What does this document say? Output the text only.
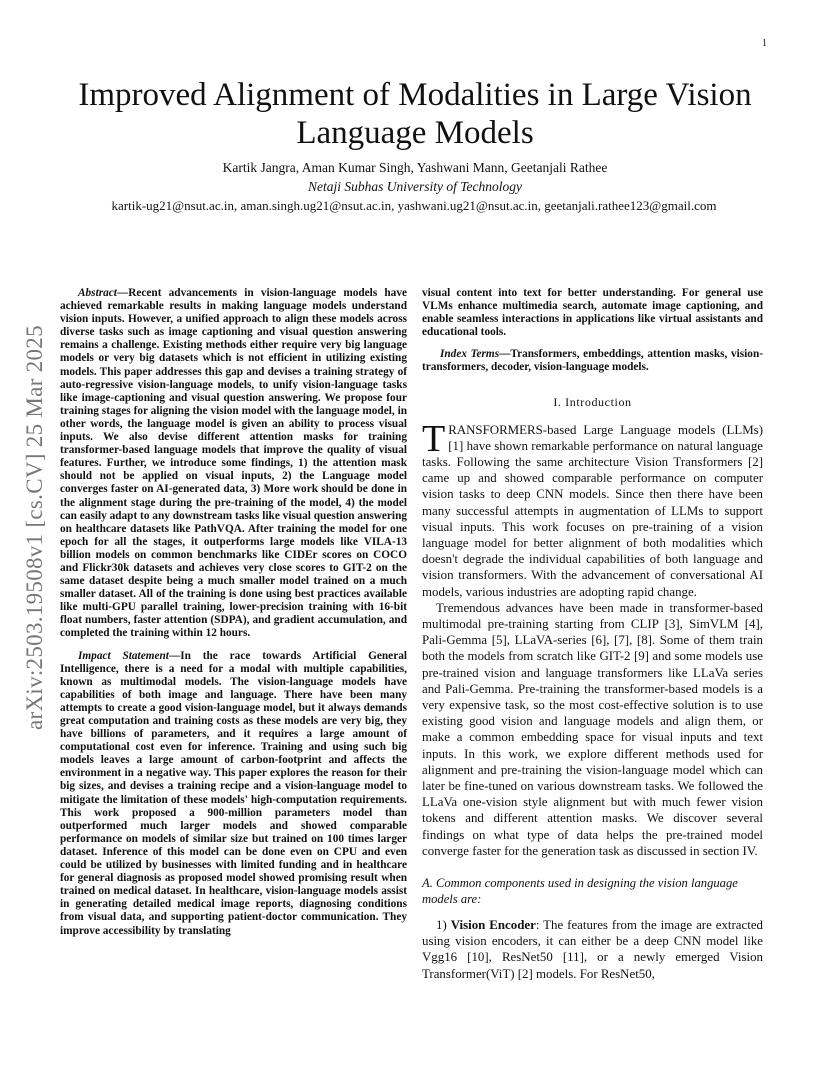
1
arXiv:2503.19508v1 [cs.CV] 25 Mar 2025
Improved Alignment of Modalities in Large Vision Language Models
Kartik Jangra, Aman Kumar Singh, Yashwani Mann, Geetanjali Rathee
Netaji Subhas University of Technology
kartik-ug21@nsut.ac.in, aman.singh.ug21@nsut.ac.in, yashwani.ug21@nsut.ac.in, geetanjali.rathee123@gmail.com

Abstract—Recent advancements in vision-language models have achieved remarkable results in making language models understand vision inputs. However, a unified approach to align these models across diverse tasks such as image captioning and visual question answering remains a challenge. Existing methods either require very big language models or very big datasets which is not efficient in utilizing existing models. This paper addresses this gap and devises a training strategy of auto-regressive vision-language models, to unify vision-language tasks like image-captioning and visual question answering. We propose four training stages for aligning the vision model with the language model, in other words, the language model is given an ability to process visual inputs. We also devise different attention masks for training transformer-based language models that improve the quality of visual features. Further, we introduce some findings, 1) the attention mask should not be applied on visual inputs, 2) the Language model converges faster on AI-generated data, 3) More work should be done in the alignment stage during the pre-training of the model, 4) the model can easily adapt to any downstream tasks like visual question answering on healthcare datasets like PathVQA. After training the model for one epoch for all the stages, it outperforms large models like VILA-13 billion models on common benchmarks like CIDEr scores on COCO and Flickr30k datasets and achieves very close scores to GIT-2 on the same dataset despite being a much smaller model trained on a much smaller dataset. All of the training is done using best practices available like multi-GPU parallel training, lower-precision training with 16-bit float numbers, faster attention (SDPA), and gradient accumulation, and completed the training within 12 hours.

Impact Statement—In the race towards Artificial General Intelligence, there is a need for a modal with multiple capabilities, known as multimodal models. The vision-language models have capabilities of both image and language. There have been many attempts to create a good vision-language model, but it always demands great computation and training costs as these models are very big, they have billions of parameters, and it requires a large amount of computational cost even for inference. Training and using such big models leaves a large amount of carbon-footprint and affects the environment in a negative way. This paper explores the reason for their big sizes, and devises a training recipe and a vision-language model to mitigate the limitation of these models' high-computation requirements. This work proposed a 900-million parameters model than outperformed much larger models and showed comparable performance on models of similar size but trained on 100 times larger dataset. Inference of this model can be done even on CPU and even could be utilized by businesses with limited funding and in healthcare for general diagnosis as proposed model showed promising result when trained on medical dataset. In healthcare, vision-language models assist in generating detailed medical image reports, diagnosing conditions from visual data, and supporting patient-doctor communication. They improve accessibility by translating

visual content into text for better understanding. For general use VLMs enhance multimedia search, automate image captioning, and enable seamless interactions in applications like virtual assistants and educational tools.

Index Terms—Transformers, embeddings, attention masks, vision-transformers, decoder, vision-language models.

I. Introduction

TRANSFORMERS-based Large Language models (LLMs) [1] have shown remarkable performance on natural language tasks. Following the same architecture Vision Transformers [2] came up and showed comparable performance on computer vision tasks to deep CNN models. Since then there have been many successful attempts in augmentation of LLMs to support visual inputs. This work focuses on pre-training of a vision language model for better alignment of both modalities which doesn't degrade the individual capabilities of both language and vision transformers. With the advancement of conversational AI models, various industries are adopting rapid change.

Tremendous advances have been made in transformer-based multimodal pre-training starting from CLIP [3], SimVLM [4], Pali-Gemma [5], LLaVA-series [6], [7], [8]. Some of them train both the models from scratch like GIT-2 [9] and some models use pre-trained vision and language transformers like LLaVa series and Pali-Gemma. Pre-training the transformer-based models is a very expensive task, so the most cost-effective solution is to use existing good vision and language models and align them, or make a common embedding space for visual inputs and text inputs. In this work, we explore different methods used for alignment and pre-training the vision-language model which can later be fine-tuned on various downstream tasks. We followed the LLaVa one-vision style alignment but with much fewer vision tokens and different attention masks. We discover several findings on what type of data helps the pre-trained model converge faster for the generation task as discussed in section IV.

A. Common components used in designing the vision language models are:

1) Vision Encoder: The features from the image are extracted using vision encoders, it can either be a deep CNN model like Vgg16 [10], ResNet50 [11], or a newly emerged Vision Transformer(ViT) [2] models. For ResNet50,
